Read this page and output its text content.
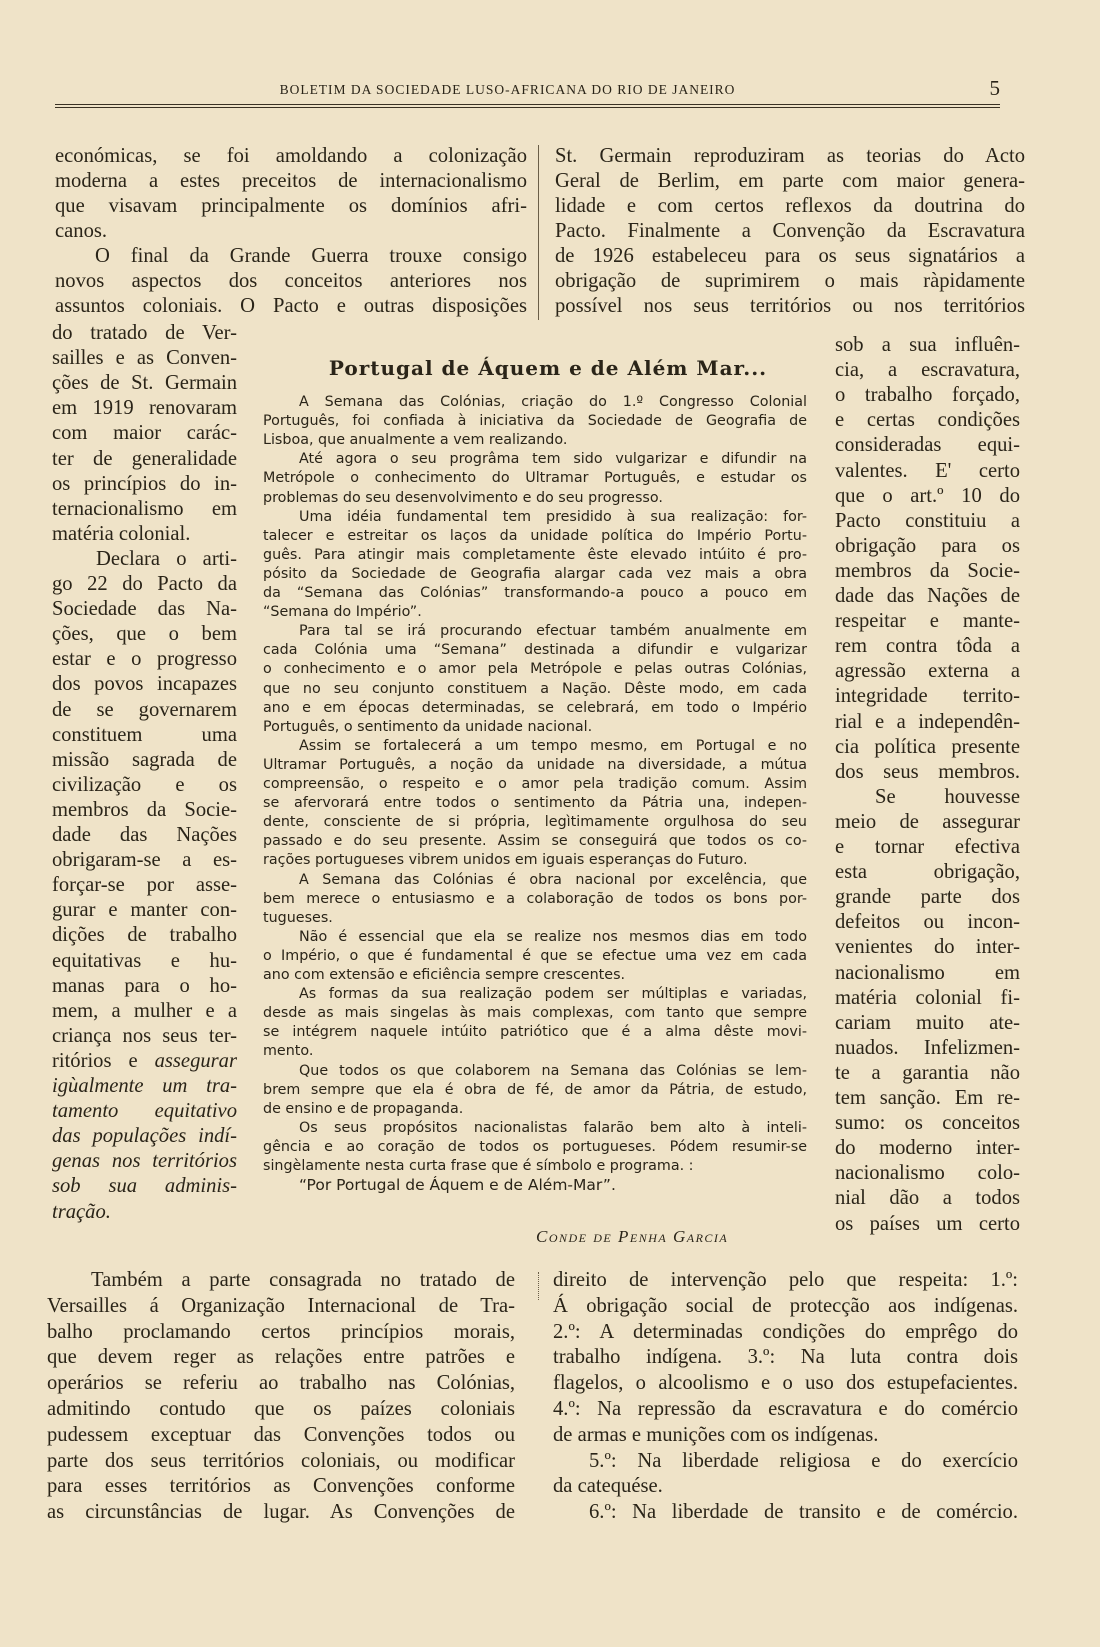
BOLETIM DA SOCIEDADE LUSO-AFRICANA DO RIO DE JANEIRO	5
económicas, se foi amoldando a colonização
moderna a estes preceitos de internacionalismo
que visavam principalmente os domínios afri-
canos.
O final da Grande Guerra trouxe consigo
novos aspectos dos conceitos anteriores nos
assuntos coloniais. O Pacto e outras disposições
St. Germain reproduziram as teorias do Acto
Geral de Berlim, em parte com maior genera-
lidade e com certos reflexos da doutrina do
Pacto. Finalmente a Convenção da Escravatura
de 1926 estabeleceu para os seus signatários a
obrigação de suprimirem o mais ràpidamente
possível nos seus territórios ou nos territórios
do tratado de Ver-
sailles e as Conven-
ções de St. Germain
em 1919 renovaram
com maior carác-
ter de generalidade
os princípios do in-
ternacionalismo em
matéria colonial.
Declara o arti-
go 22 do Pacto da
Sociedade das Na-
ções, que o bem
estar e o progresso
dos povos incapazes
de se governarem
constituem uma
missão sagrada de
civilização e os
membros da Socie-
dade das Nações
obrigaram-se a es-
forçar-se por asse-
gurar e manter con-
dições de trabalho
equitativas e hu-
manas para o ho-
mem, a mulher e a
criança nos seus ter-
ritórios e assegurar
igùalmente um tra-
tamento equitativo
das populações indí-
genas nos territórios
sob sua adminis-
tração.
sob a sua influên-
cia, a escravatura,
o trabalho forçado,
e certas condições
consideradas equi-
valentes. E' certo
que o art.º 10 do
Pacto constituiu a
obrigação para os
membros da Socie-
dade das Nações de
respeitar e mante-
rem contra tôda a
agressão externa a
integridade territo-
rial e a independên-
cia política presente
dos seus membros.
Se houvesse
meio de assegurar
e tornar efectiva
esta obrigação,
grande parte dos
defeitos ou incon-
venientes do inter-
nacionalismo em
matéria colonial fi-
cariam muito ate-
nuados. Infelizmen-
te a garantia não
tem sanção. Em re-
sumo: os conceitos
do moderno inter-
nacionalismo colo-
nial dão a todos
os países um certo
Também a parte consagrada no tratado de
Versailles á Organização Internacional de Tra-
balho proclamando certos princípios morais,
que devem reger as relações entre patrões e
operários se referiu ao trabalho nas Colónias,
admitindo contudo que os paízes coloniais
pudessem exceptuar das Convenções todos ou
parte dos seus territórios coloniais, ou modificar
para esses territórios as Convenções conforme
as circunstâncias de lugar. As Convenções de
direito de intervenção pelo que respeita: 1.º:
Á obrigação social de protecção aos indígenas.
2.º: A determinadas condições do emprêgo do
trabalho indígena. 3.º: Na luta contra dois
flagelos, o alcoolismo e o uso dos estupefacientes.
4.º: Na repressão da escravatura e do comércio
de armas e munições com os indígenas.
5.º: Na liberdade religiosa e do exercício
da catequése.
6.º: Na liberdade de transito e de comércio.
Portugal de Áquem e de Além Mar...
A Semana das Colónias, criação do 1.º Congresso Colonial
Português, foi confiada à iniciativa da Sociedade de Geografia de
Lisboa, que anualmente a vem realizando.
Até agora o seu progrâma tem sido vulgarizar e difundir na
Metrópole o conhecimento do Ultramar Português, e estudar os
problemas do seu desenvolvimento e do seu progresso.
Uma idéia fundamental tem presidido à sua realização: for-
talecer e estreitar os laços da unidade política do Império Portu-
guês. Para atingir mais completamente êste elevado intúito é pro-
pósito da Sociedade de Geografia alargar cada vez mais a obra
da “Semana das Colónias” transformando-a pouco a pouco em
“Semana do Império”.
Para tal se irá procurando efectuar também anualmente em
cada Colónia uma “Semana” destinada a difundir e vulgarizar
o conhecimento e o amor pela Metrópole e pelas outras Colónias,
que no seu conjunto constituem a Nação. Dêste modo, em cada
ano e em épocas determinadas, se celebrará, em todo o Império
Português, o sentimento da unidade nacional.
Assim se fortalecerá a um tempo mesmo, em Portugal e no
Ultramar Português, a noção da unidade na diversidade, a mútua
compreensão, o respeito e o amor pela tradição comum. Assim
se afervorará entre todos o sentimento da Pátria una, indepen-
dente, consciente de si própria, legìtimamente orgulhosa do seu
passado e do seu presente. Assim se conseguirá que todos os co-
rações portugueses vibrem unidos em iguais esperanças do Futuro.
A Semana das Colónias é obra nacional por excelência, que
bem merece o entusiasmo e a colaboração de todos os bons por-
tugueses.
Não é essencial que ela se realize nos mesmos dias em todo
o Império, o que é fundamental é que se efectue uma vez em cada
ano com extensão e eficiência sempre crescentes.
As formas da sua realização podem ser múltiplas e variadas,
desde as mais singelas às mais complexas, com tanto que sempre
se intégrem naquele intúito patriótico que é a alma dêste movi-
mento.
Que todos os que colaborem na Semana das Colónias se lem-
brem sempre que ela é obra de fé, de amor da Pátria, de estudo,
de ensino e de propaganda.
Os seus propósitos nacionalistas falarão bem alto à inteli-
gência e ao coração de todos os portugueses. Pódem resumir-se
singèlamente nesta curta frase que é símbolo e programa. :
“Por Portugal de Áquem e de Além-Mar”.
Conde de Penha Garcia
